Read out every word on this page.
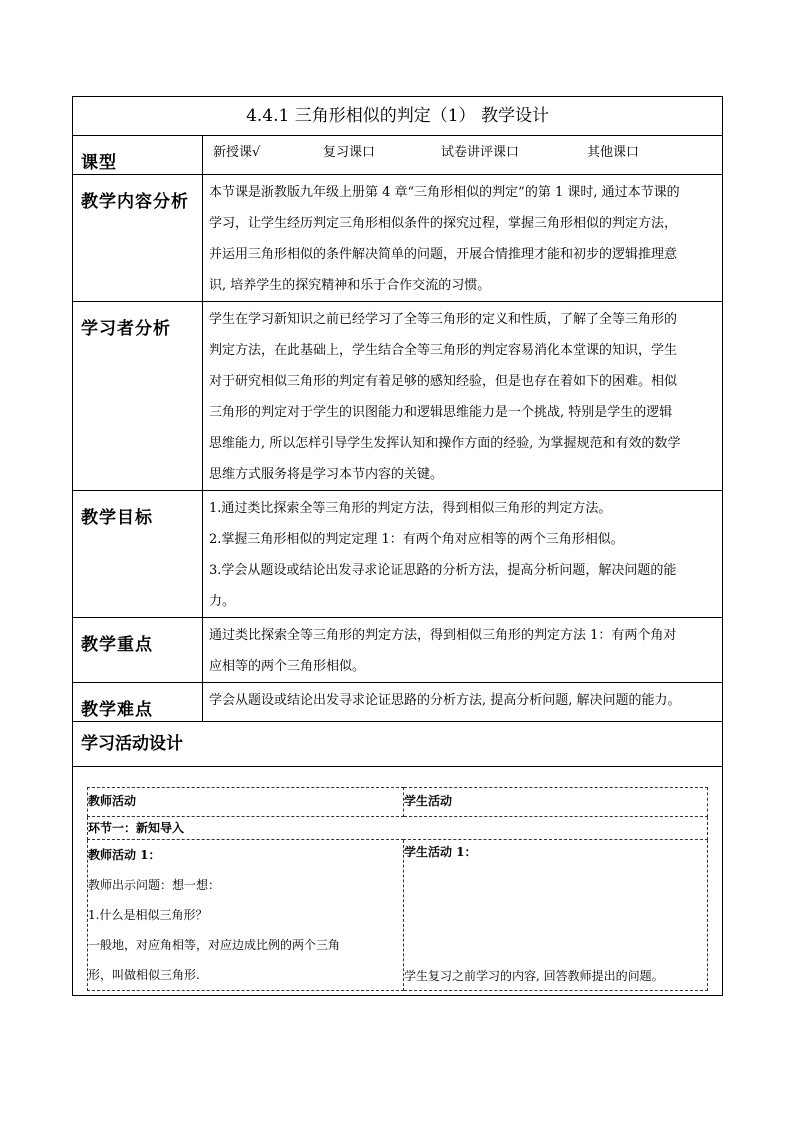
4.4.1 三角形相似的判定（1） 教学设计
课型	新授课√	复习课口	试卷讲评课口	其他课口
教学内容分析	本节课是浙教版九年级上册第 4 章“三角形相似的判定”的第 1 课时, 通过本节课的
学习，让学生经历判定三角形相似条件的探究过程，掌握三角形相似的判定方法，
并运用三角形相似的条件解决简单的问题，开展合情推理才能和初步的逻辑推理意
识, 培养学生的探究精神和乐于合作交流的习惯。

学习者分析	学生在学习新知识之前已经学习了全等三角形的定义和性质，了解了全等三角形的
判定方法，在此基础上，学生结合全等三角形的判定容易消化本堂课的知识，学生
对于研究相似三角形的判定有着足够的感知经验，但是也存在着如下的困难。相似
三角形的判定对于学生的识图能力和逻辑思维能力是一个挑战, 特别是学生的逻辑
思维能力, 所以怎样引导学生发挥认知和操作方面的经验, 为掌握规范和有效的数学
思维方式服务将是学习本节内容的关键。

教学目标	1.通过类比探索全等三角形的判定方法，得到相似三角形的判定方法。
2.掌握三角形相似的判定定理 1：有两个角对应相等的两个三角形相似。
3.学会从题设或结论出发寻求论证思路的分析方法，提高分析问题，解决问题的能
力。

教学重点	通过类比探索全等三角形的判定方法，得到相似三角形的判定方法 1：有两个角对
应相等的两个三角形相似。

教学难点	学会从题设或结论出发寻求论证思路的分析方法, 提高分析问题, 解决问题的能力。

学习活动设计

教师活动	学生活动
环节一：新知导入

教师活动 1：
教师出示问题：想一想：
1.什么是相似三角形？
一般地，对应角相等，对应边成比例的两个三角
形，叫做相似三角形.

学生活动 1：
学生复习之前学习的内容, 回答教师提出的问题。
